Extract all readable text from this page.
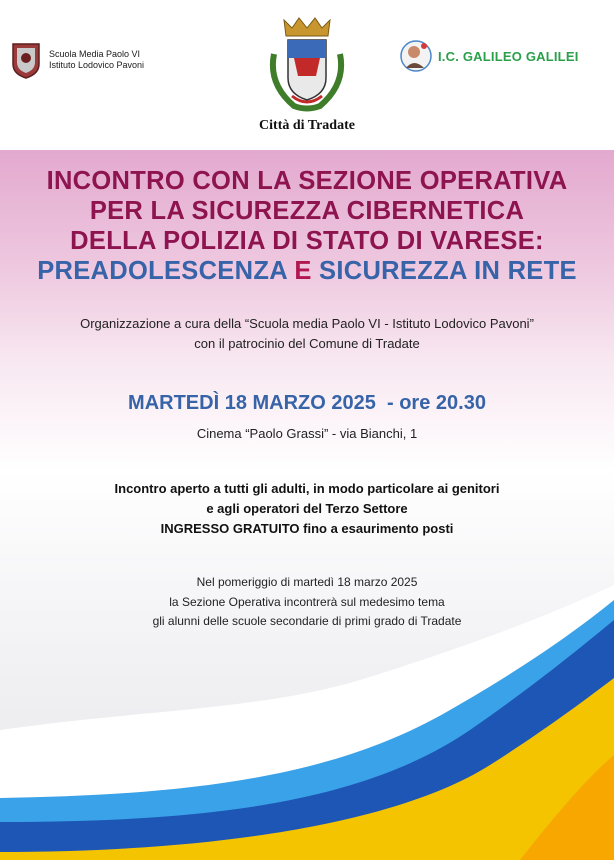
Scuola Media Paolo VI
Istituto Lodovico Pavoni
Città di Tradate
I.C. GALILEO GALILEI
INCONTRO CON LA SEZIONE OPERATIVA
PER LA SICUREZZA CIBERNETICA
DELLA POLIZIA DI STATO DI VARESE:
PREADOLESCENZA E SICUREZZA IN RETE
Organizzazione a cura della “Scuola media Paolo VI - Istituto Lodovico Pavoni”
con il patrocinio del Comune di Tradate
MARTEDÌ 18 MARZO 2025  - ore 20.30
Cinema “Paolo Grassi” - via Bianchi, 1
Incontro aperto a tutti gli adulti, in modo particolare ai genitori
e agli operatori del Terzo Settore
INGRESSO GRATUITO fino a esaurimento posti
Nel pomeriggio di martedì 18 marzo 2025
la Sezione Operativa incontrerà sul medesimo tema
gli alunni delle scuole secondarie di primi grado di Tradate
